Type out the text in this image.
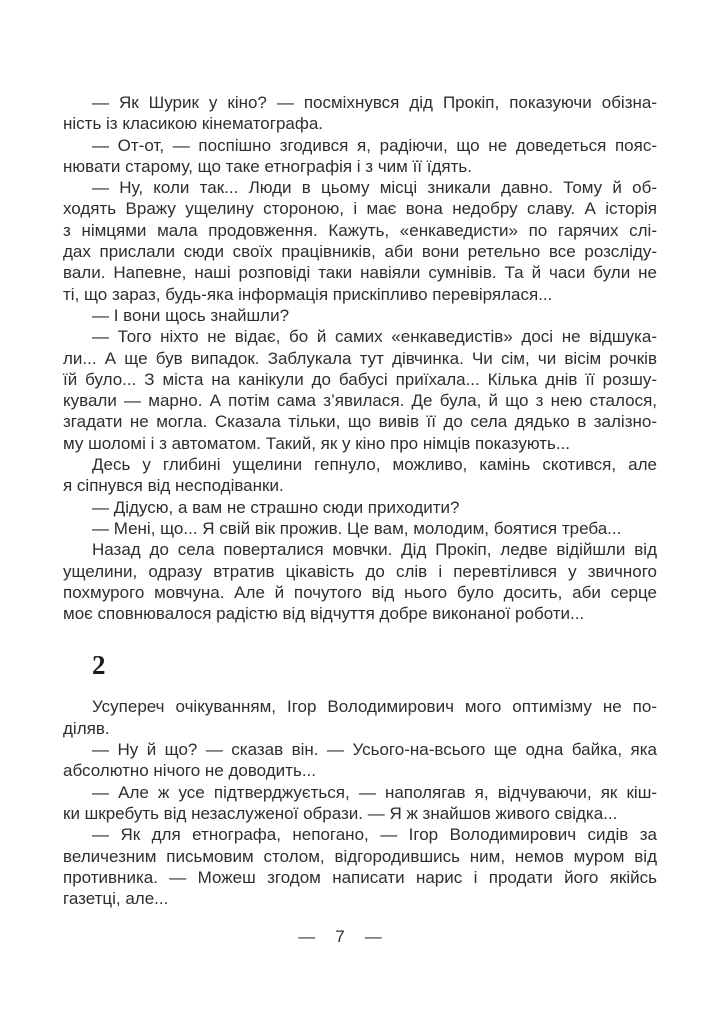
— Як Шурик у кіно? — посміхнувся дід Прокіп, показуючи обізна-
ність із класикою кінематографа.
— От-от, — поспішно згодився я, радіючи, що не доведеться пояс-
нювати старому, що таке етнографія і з чим її їдять.
— Ну, коли так... Люди в цьому місці зникали давно. Тому й об-
ходять Вражу ущелину стороною, і має вона недобру славу. А історія
з німцями мала продовження. Кажуть, «енкаведисти» по гарячих слі-
дах прислали сюди своїх працівників, аби вони ретельно все розсліду-
вали. Напевне, наші розповіді таки навіяли сумнівів. Та й часи були не
ті, що зараз, будь-яка інформація прискіпливо перевірялася...
— І вони щось знайшли?
— Того ніхто не відає, бо й самих «енкаведистів» досі не відшука-
ли... А ще був випадок. Заблукала тут дівчинка. Чи сім, чи вісім рочків
їй було... З міста на канікули до бабусі приїхала... Кілька днів її розшу-
кували — марно. А потім сама з’явилася. Де була, й що з нею сталося,
згадати не могла. Сказала тільки, що вивів її до села дядько в залізно-
му шоломі і з автоматом. Такий, як у кіно про німців показують...
Десь у глибині ущелини гепнуло, можливо, камінь скотився, але
я сіпнувся від несподіванки.
— Дідусю, а вам не страшно сюди приходити?
— Мені, що... Я свій вік прожив. Це вам, молодим, боятися треба...
Назад до села поверталися мовчки. Дід Прокіп, ледве відійшли від
ущелини, одразу втратив цікавість до слів і перевтілився у звичного
похмурого мовчуна. Але й почутого від нього було досить, аби серце
моє сповнювалося радістю від відчуття добре виконаної роботи...
2
Усупереч очікуванням, Ігор Володимирович мого оптимізму не по-
діляв.
— Ну й що? — сказав він. — Усього-на-всього ще одна байка, яка
абсолютно нічого не доводить...
— Але ж усе підтверджується, — наполягав я, відчуваючи, як кіш-
ки шкребуть від незаслуженої образи. — Я ж знайшов живого свідка...
— Як для етнографа, непогано, — Ігор Володимирович сидів за
величезним письмовим столом, відгородившись ним, немов муром від
противника. — Можеш згодом написати нарис і продати його якійсь
газетці, але...
— 7 —
